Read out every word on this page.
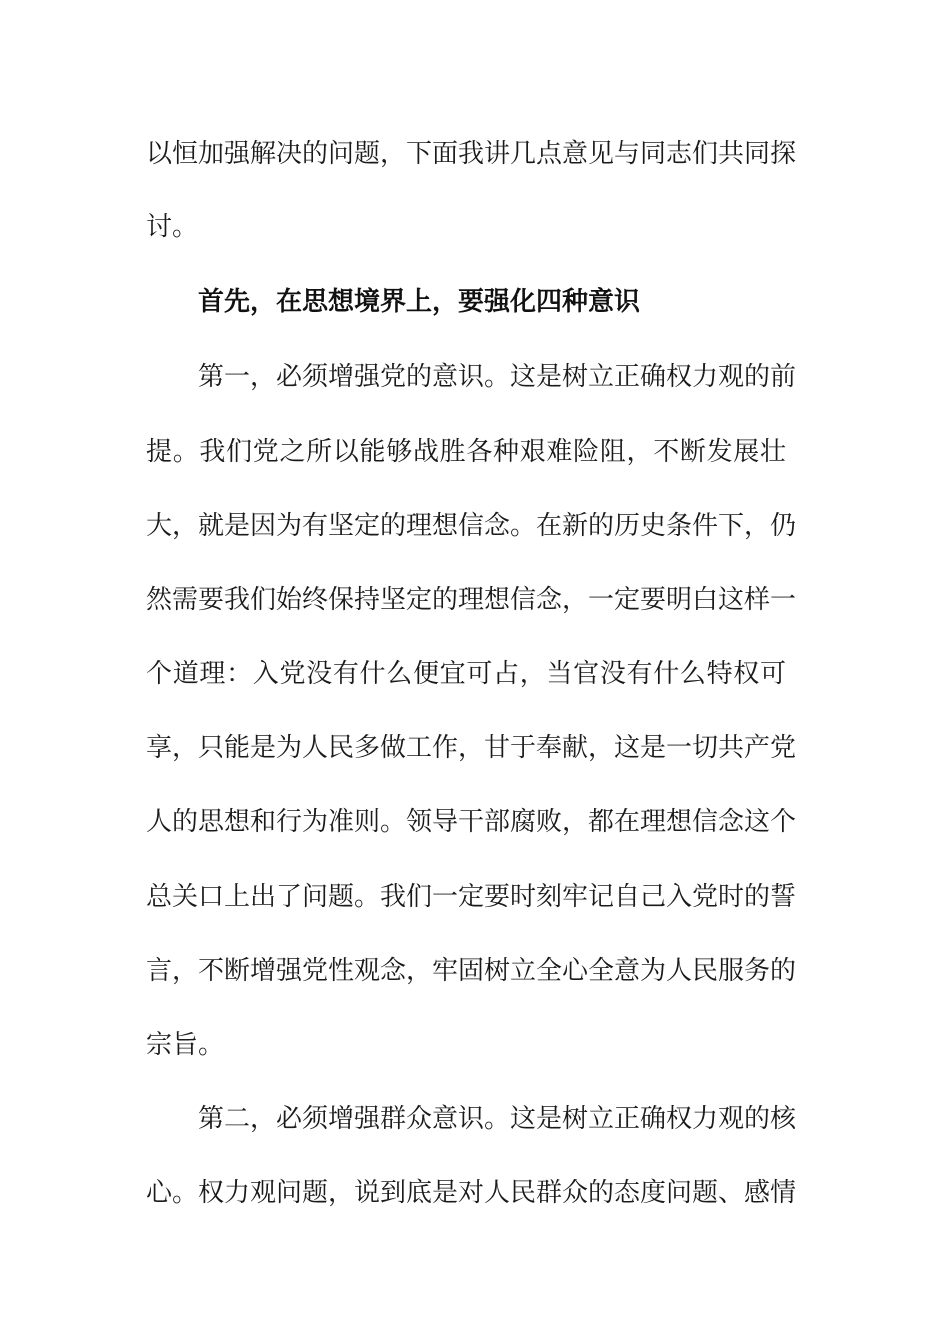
以恒加强解决的问题，下面我讲几点意见与同志们共同探
讨。
首先，在思想境界上，要强化四种意识
第一，必须增强党的意识。这是树立正确权力观的前
提。我们党之所以能够战胜各种艰难险阻，不断发展壮
大，就是因为有坚定的理想信念。在新的历史条件下，仍
然需要我们始终保持坚定的理想信念，一定要明白这样一
个道理：入党没有什么便宜可占，当官没有什么特权可
享，只能是为人民多做工作，甘于奉献，这是一切共产党
人的思想和行为准则。领导干部腐败，都在理想信念这个
总关口上出了问题。我们一定要时刻牢记自己入党时的誓
言，不断增强党性观念，牢固树立全心全意为人民服务的
宗旨。
第二，必须增强群众意识。这是树立正确权力观的核
心。权力观问题，说到底是对人民群众的态度问题、感情
